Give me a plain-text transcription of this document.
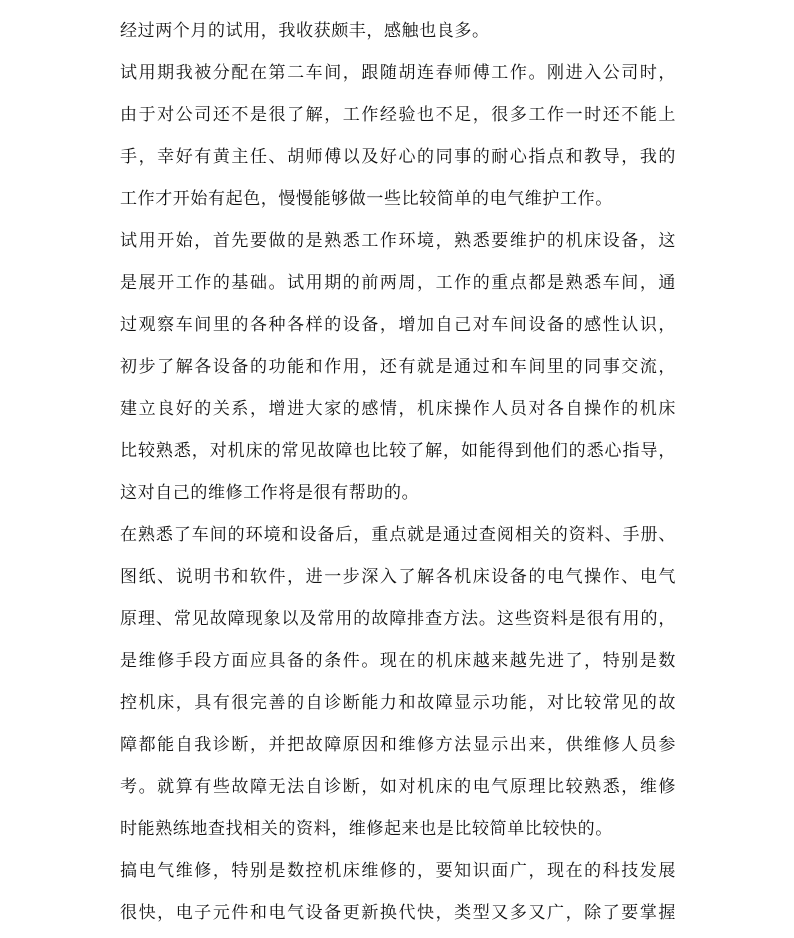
经过两个月的试用，我收获颇丰，感触也良多。

试用期我被分配在第二车间，跟随胡连春师傅工作。刚进入公司时，
由于对公司还不是很了解，工作经验也不足，很多工作一时还不能上
手，幸好有黄主任、胡师傅以及好心的同事的耐心指点和教导，我的
工作才开始有起色，慢慢能够做一些比较简单的电气维护工作。

试用开始，首先要做的是熟悉工作环境，熟悉要维护的机床设备，这
是展开工作的基础。试用期的前两周，工作的重点都是熟悉车间，通
过观察车间里的各种各样的设备，增加自己对车间设备的感性认识，
初步了解各设备的功能和作用，还有就是通过和车间里的同事交流，
建立良好的关系，增进大家的感情，机床操作人员对各自操作的机床
比较熟悉，对机床的常见故障也比较了解，如能得到他们的悉心指导，
这对自己的维修工作将是很有帮助的。

在熟悉了车间的环境和设备后，重点就是通过查阅相关的资料、手册、
图纸、说明书和软件，进一步深入了解各机床设备的电气操作、电气
原理、常见故障现象以及常用的故障排查方法。这些资料是很有用的，
是维修手段方面应具备的条件。现在的机床越来越先进了，特别是数
控机床，具有很完善的自诊断能力和故障显示功能，对比较常见的故
障都能自我诊断，并把故障原因和维修方法显示出来，供维修人员参
考。就算有些故障无法自诊断，如对机床的电气原理比较熟悉，维修
时能熟练地查找相关的资料，维修起来也是比较简单比较快的。

搞电气维修，特别是数控机床维修的，要知识面广，现在的科技发展
很快，电子元件和电气设备更新换代快，类型又多又广，除了要掌握
